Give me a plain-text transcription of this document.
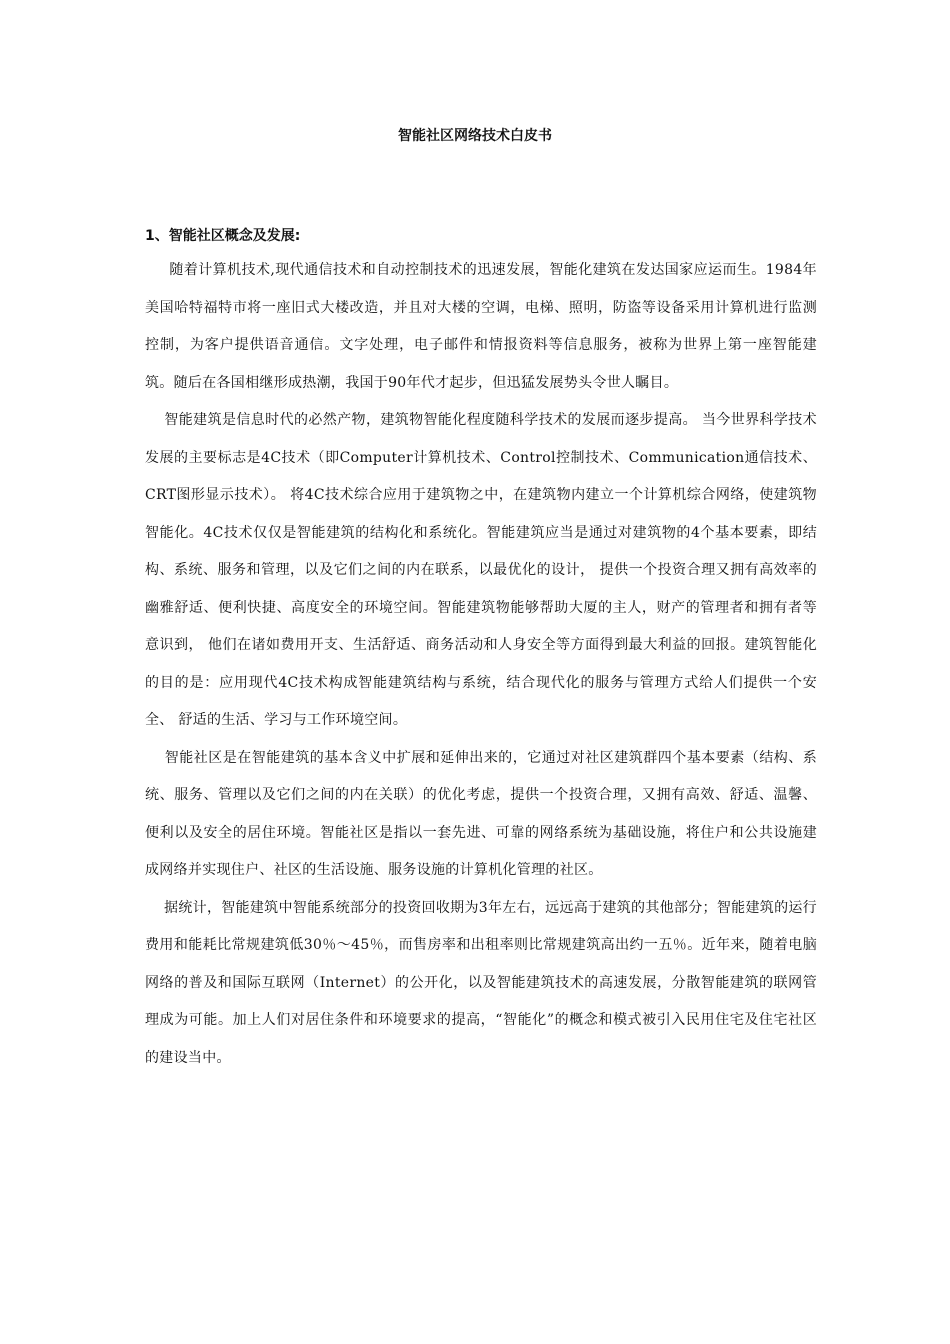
智能社区网络技术白皮书
1、智能社区概念及发展:

随着计算机技术,现代通信技术和自动控制技术的迅速发展，智能化建筑在发达国家应运而生。1984年美国哈特福特市将一座旧式大楼改造，并且对大楼的空调，电梯、照明，防盗等设备采用计算机进行监测控制，为客户提供语音通信。文字处理，电子邮件和情报资料等信息服务，被称为世界上第一座智能建筑。随后在各国相继形成热潮，我国于90年代才起步，但迅猛发展势头令世人瞩目。

智能建筑是信息时代的必然产物，建筑物智能化程度随科学技术的发展而逐步提高。 当今世界科学技术发展的主要标志是4C技术（即Computer计算机技术、Control控制技术、Communication通信技术、CRT图形显示技术）。 将4C技术综合应用于建筑物之中，在建筑物内建立一个计算机综合网络，使建筑物智能化。4C技术仅仅是智能建筑的结构化和系统化。智能建筑应当是通过对建筑物的4个基本要素，即结构、系统、服务和管理，以及它们之间的内在联系，以最优化的设计， 提供一个投资合理又拥有高效率的幽雅舒适、便利快捷、高度安全的环境空间。智能建筑物能够帮助大厦的主人，财产的管理者和拥有者等意识到， 他们在诸如费用开支、生活舒适、商务活动和人身安全等方面得到最大利益的回报。建筑智能化的目的是：应用现代4C技术构成智能建筑结构与系统，结合现代化的服务与管理方式给人们提供一个安全、 舒适的生活、学习与工作环境空间。

智能社区是在智能建筑的基本含义中扩展和延伸出来的，它通过对社区建筑群四个基本要素（结构、系统、服务、管理以及它们之间的内在关联）的优化考虑，提供一个投资合理，又拥有高效、舒适、温馨、便利以及安全的居住环境。智能社区是指以一套先进、可靠的网络系统为基础设施，将住户和公共设施建成网络并实现住户、社区的生活设施、服务设施的计算机化管理的社区。

据统计，智能建筑中智能系统部分的投资回收期为3年左右，远远高于建筑的其他部分；智能建筑的运行费用和能耗比常规建筑低30％～45％，而售房率和出租率则比常规建筑高出约一五％。近年来，随着电脑网络的普及和国际互联网（Internet）的公开化，以及智能建筑技术的高速发展，分散智能建筑的联网管理成为可能。加上人们对居住条件和环境要求的提高，“智能化”的概念和模式被引入民用住宅及住宅社区的建设当中。
